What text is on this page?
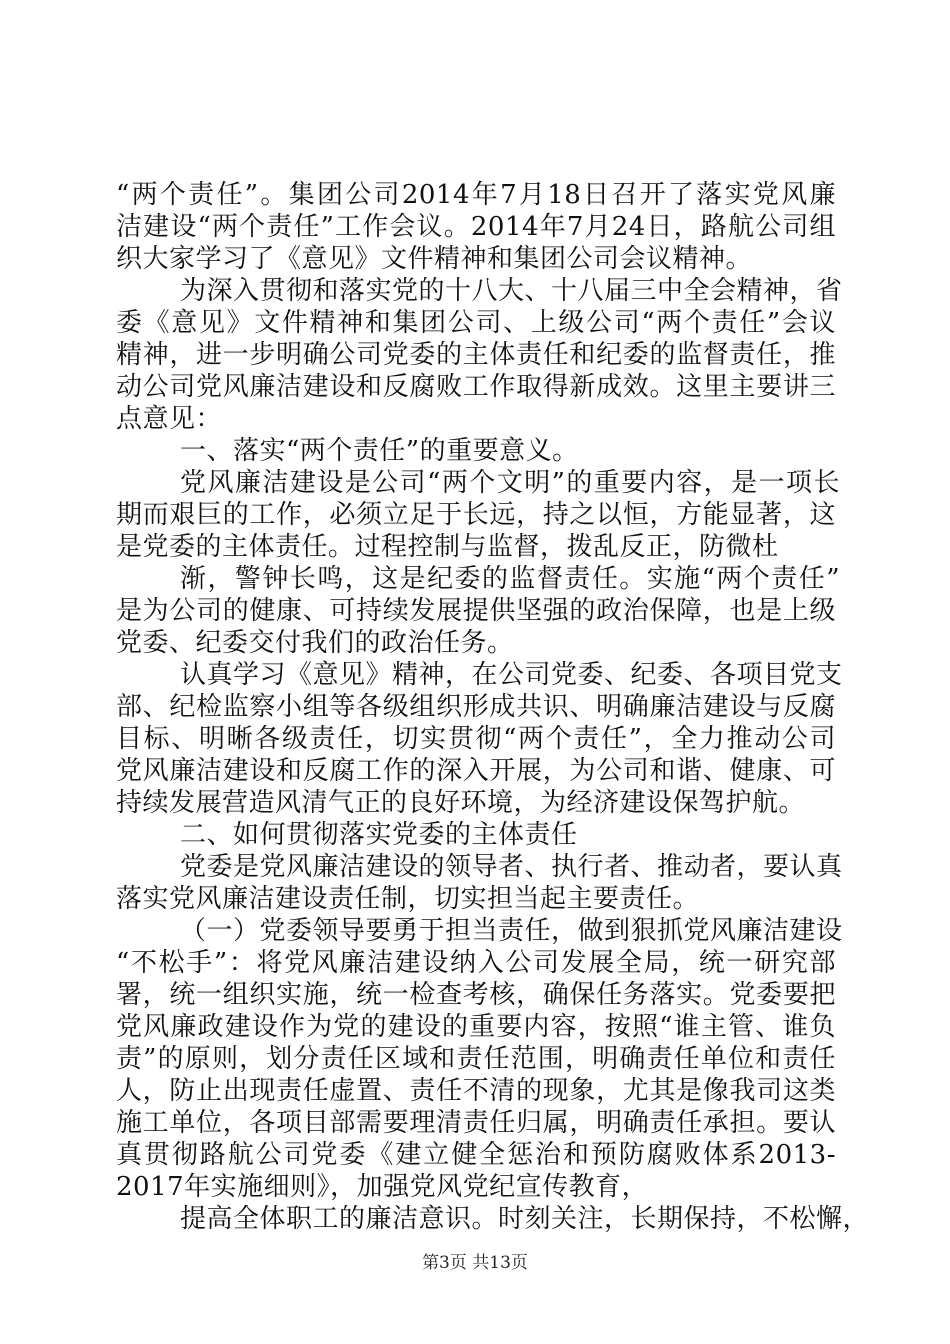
“两个责任”。集团公司2014年7月18日召开了落实党风廉
洁建设“两个责任”工作会议。2014年7月24日，路航公司组
织大家学习了《意见》文件精神和集团公司会议精神。
为深入贯彻和落实党的十八大、十八届三中全会精神，省
委《意见》文件精神和集团公司、上级公司“两个责任”会议
精神，进一步明确公司党委的主体责任和纪委的监督责任，推
动公司党风廉洁建设和反腐败工作取得新成效。这里主要讲三
点意见：
一、落实“两个责任”的重要意义。
党风廉洁建设是公司“两个文明”的重要内容，是一项长
期而艰巨的工作，必须立足于长远，持之以恒，方能显著，这
是党委的主体责任。过程控制与监督，拨乱反正，防微杜
渐，警钟长鸣，这是纪委的监督责任。实施“两个责任”
是为公司的健康、可持续发展提供坚强的政治保障，也是上级
党委、纪委交付我们的政治任务。
认真学习《意见》精神，在公司党委、纪委、各项目党支
部、纪检监察小组等各级组织形成共识、明确廉洁建设与反腐
目标、明晰各级责任，切实贯彻“两个责任”，全力推动公司
党风廉洁建设和反腐工作的深入开展，为公司和谐、健康、可
持续发展营造风清气正的良好环境，为经济建设保驾护航。
二、如何贯彻落实党委的主体责任
党委是党风廉洁建设的领导者、执行者、推动者，要认真
落实党风廉洁建设责任制，切实担当起主要责任。
（一）党委领导要勇于担当责任，做到狠抓党风廉洁建设
“不松手”：将党风廉洁建设纳入公司发展全局，统一研究部
署，统一组织实施，统一检查考核，确保任务落实。党委要把
党风廉政建设作为党的建设的重要内容，按照“谁主管、谁负
责”的原则，划分责任区域和责任范围，明确责任单位和责任
人，防止出现责任虚置、责任不清的现象，尤其是像我司这类
施工单位，各项目部需要理清责任归属，明确责任承担。要认
真贯彻路航公司党委《建立健全惩治和预防腐败体系2013-
2017年实施细则》，加强党风党纪宣传教育，
提高全体职工的廉洁意识。时刻关注，长期保持，不松懈，
第3页 共13页
